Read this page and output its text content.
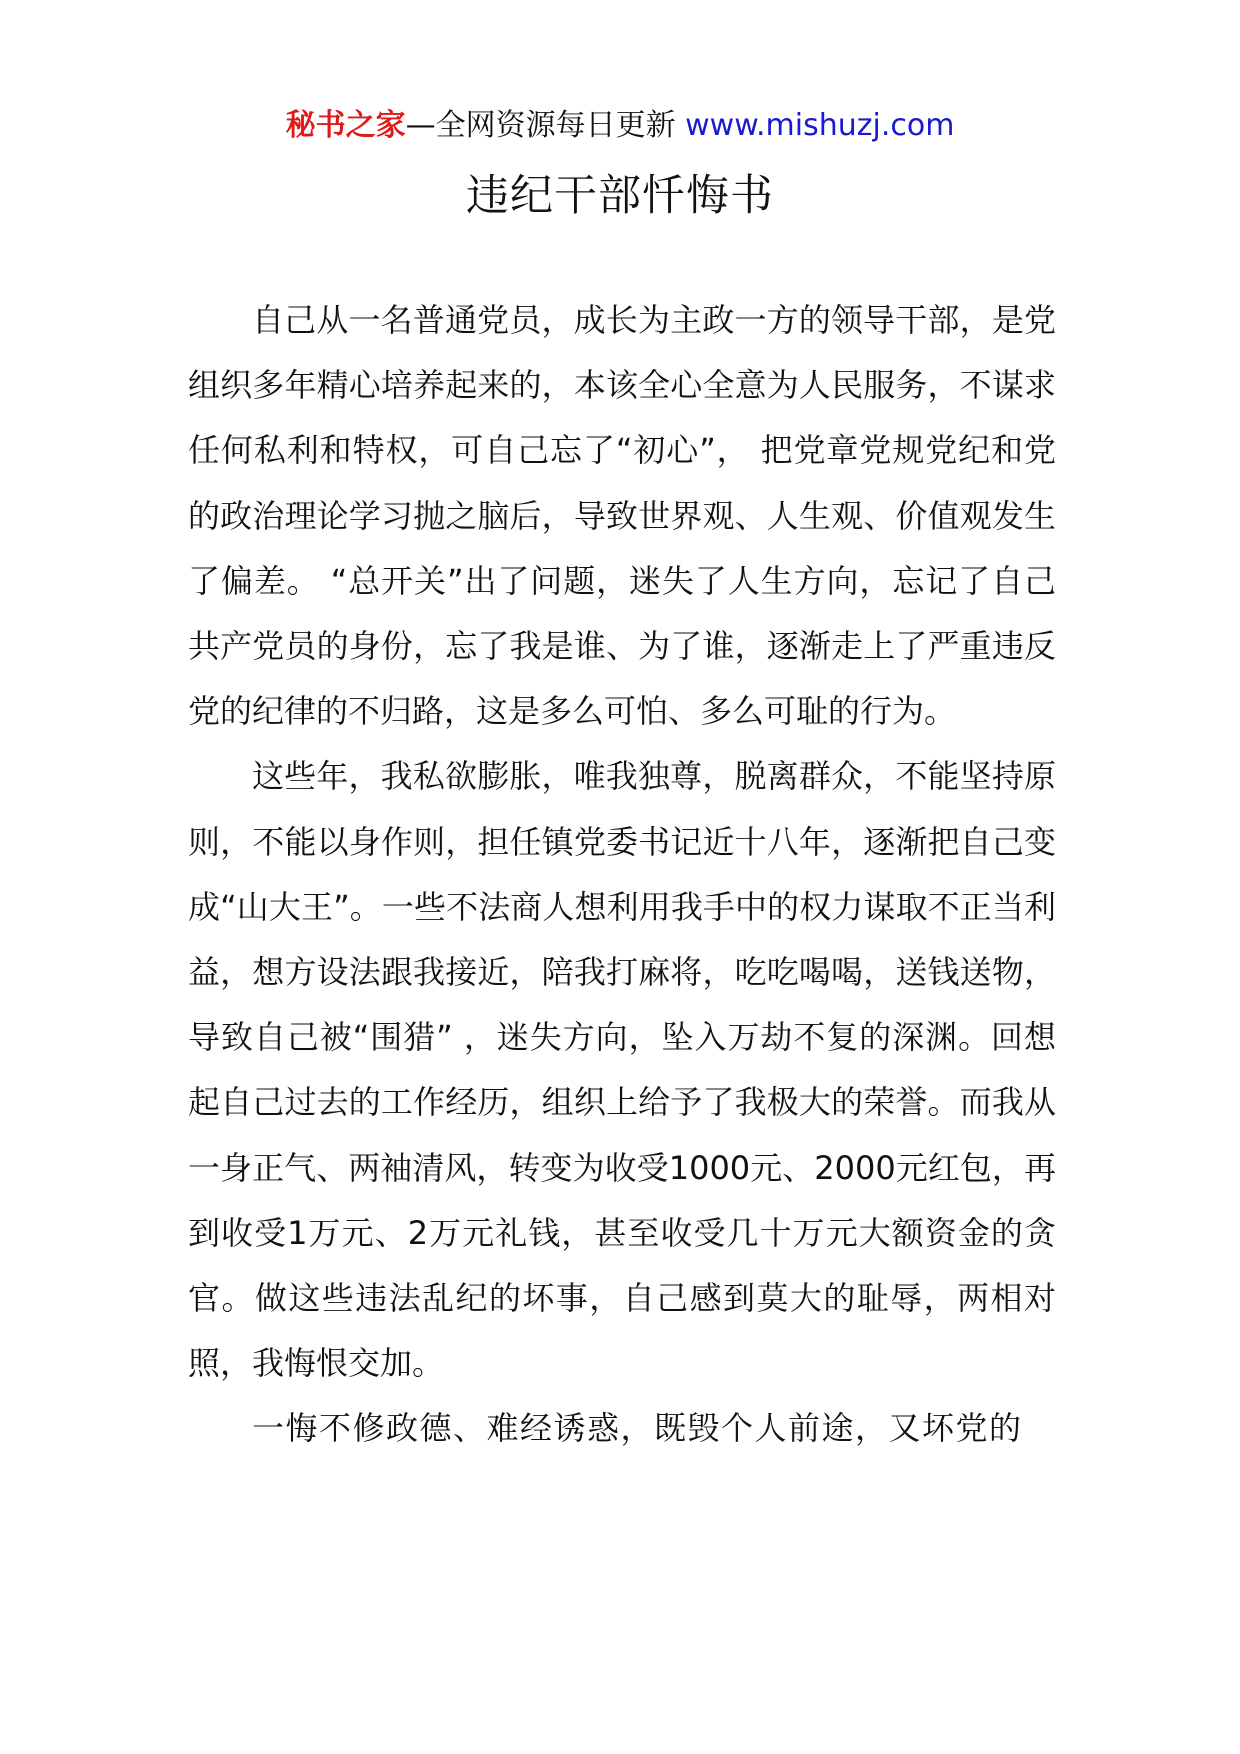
秘书之家—全网资源每日更新 www.mishuzj.com
违纪干部忏悔书

自己从一名普通党员，成长为主政一方的领导干部，是党组织多年精心培养起来的，本该全心全意为人民服务，不谋求任何私利和特权，可自己忘了“初心”， 把党章党规党纪和党的政治理论学习抛之脑后，导致世界观、人生观、价值观发生了偏差。 “总开关”出了问题，迷失了人生方向，忘记了自己共产党员的身份，忘了我是谁、为了谁，逐渐走上了严重违反党的纪律的不归路，这是多么可怕、多么可耻的行为。

这些年，我私欲膨胀，唯我独尊，脱离群众，不能坚持原则，不能以身作则，担任镇党委书记近十八年，逐渐把自己变成“山大王”。一些不法商人想利用我手中的权力谋取不正当利益，想方设法跟我接近，陪我打麻将，吃吃喝喝，送钱送物，导致自己被“围猎” ，迷失方向，坠入万劫不复的深渊。回想起自己过去的工作经历，组织上给予了我极大的荣誉。而我从一身正气、两袖清风，转变为收受1000元、2000元红包，再到收受1万元、2万元礼钱，甚至收受几十万元大额资金的贪官。做这些违法乱纪的坏事，自己感到莫大的耻辱，两相对照，我悔恨交加。

一悔不修政德、难经诱惑，既毁个人前途，又坏党的
